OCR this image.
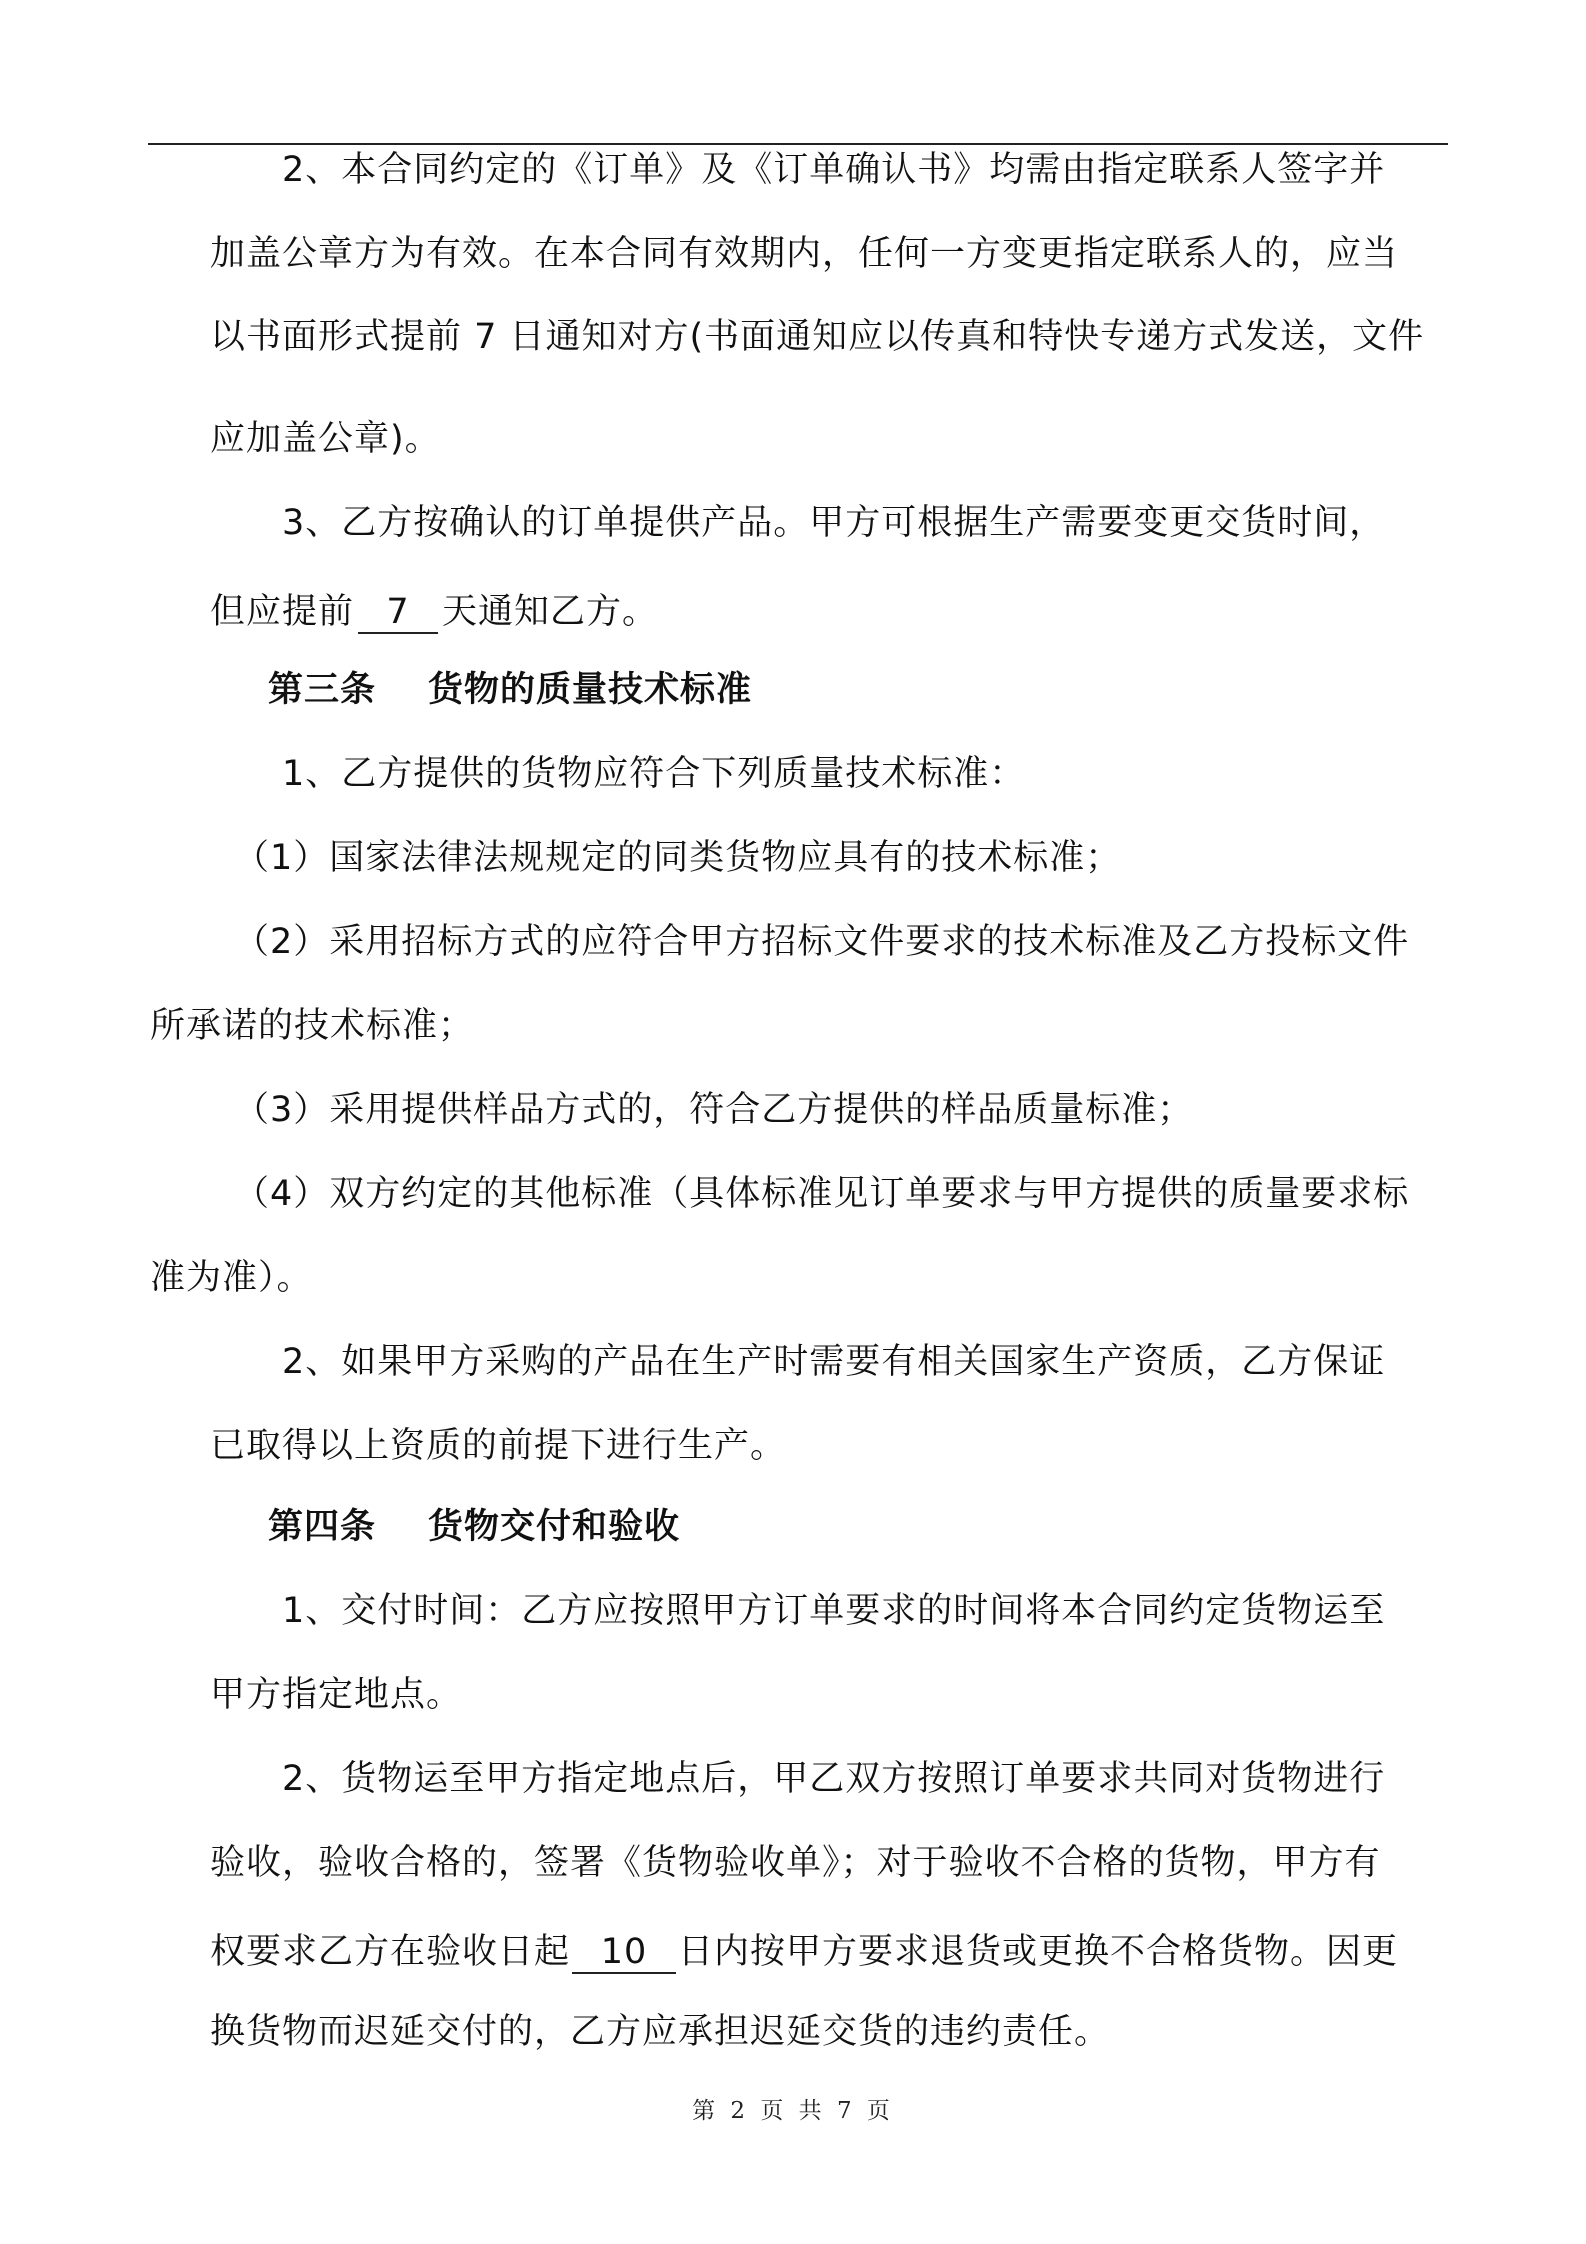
2、本合同约定的《订单》及《订单确认书》均需由指定联系人签字并
加盖公章方为有效。在本合同有效期内，任何一方变更指定联系人的，应当
以书面形式提前 7 日通知对方(书面通知应以传真和特快专递方式发送，文件
应加盖公章)。
3、乙方按确认的订单提供产品。甲方可根据生产需要变更交货时间，
但应提前 7 天通知乙方。
第三条 货物的质量技术标准
1、乙方提供的货物应符合下列质量技术标准：
（1）国家法律法规规定的同类货物应具有的技术标准；
（2）采用招标方式的应符合甲方招标文件要求的技术标准及乙方投标文件
所承诺的技术标准；
（3）采用提供样品方式的，符合乙方提供的样品质量标准；
（4）双方约定的其他标准（具体标准见订单要求与甲方提供的质量要求标
准为准）。
2、如果甲方采购的产品在生产时需要有相关国家生产资质，乙方保证
已取得以上资质的前提下进行生产。
第四条 货物交付和验收
1、交付时间：乙方应按照甲方订单要求的时间将本合同约定货物运至
甲方指定地点。
2、货物运至甲方指定地点后，甲乙双方按照订单要求共同对货物进行
验收，验收合格的，签署《货物验收单》；对于验收不合格的货物，甲方有
权要求乙方在验收日起 10 日内按甲方要求退货或更换不合格货物。因更
换货物而迟延交付的，乙方应承担迟延交货的违约责任。
第 2 页 共 7 页
